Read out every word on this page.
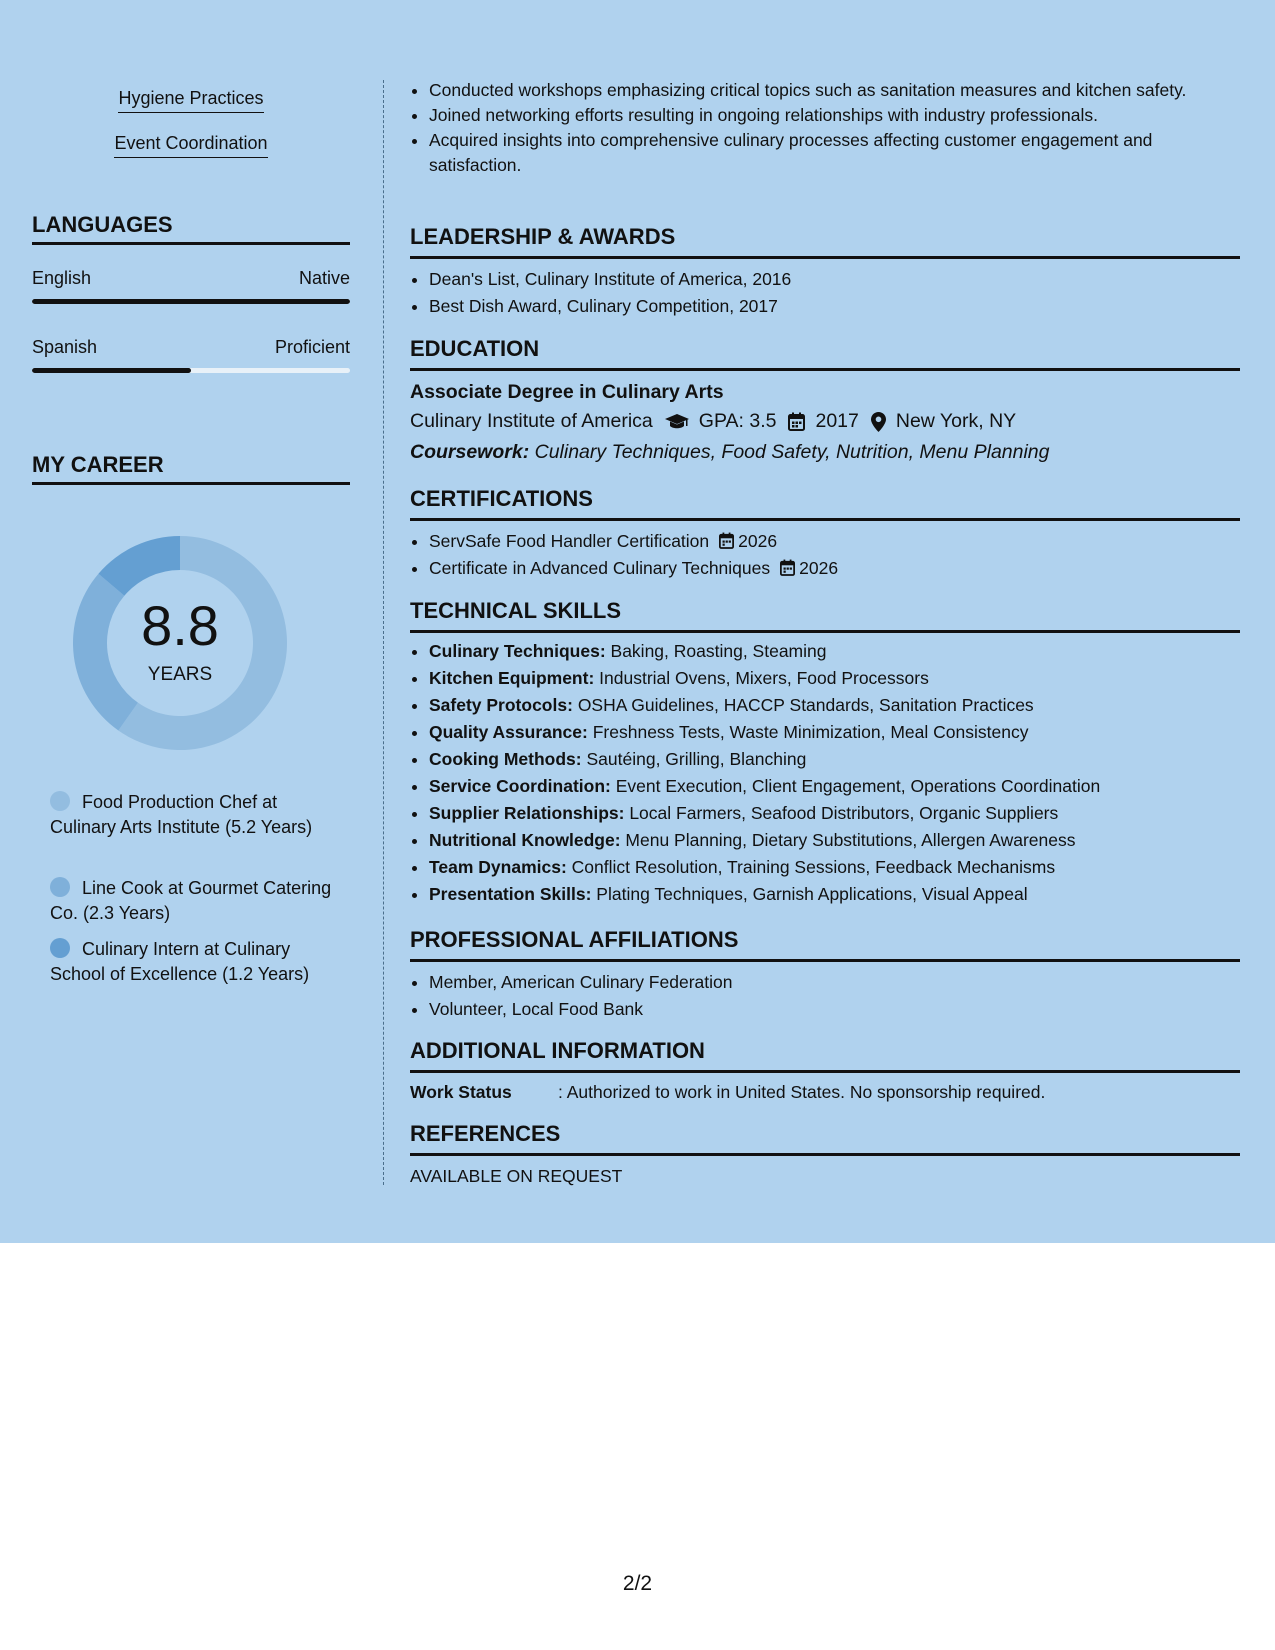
Hygiene Practices
Event Coordination
LANGUAGES
English	Native
Spanish	Proficient
MY CAREER
8.8
YEARS
Food Production Chef at Culinary Arts Institute (5.2 Years)
Line Cook at Gourmet Catering Co. (2.3 Years)
Culinary Intern at Culinary School of Excellence (1.2 Years)
• Conducted workshops emphasizing critical topics such as sanitation measures and kitchen safety.
• Joined networking efforts resulting in ongoing relationships with industry professionals.
• Acquired insights into comprehensive culinary processes affecting customer engagement and satisfaction.
LEADERSHIP & AWARDS
• Dean's List, Culinary Institute of America, 2016
• Best Dish Award, Culinary Competition, 2017
EDUCATION
Associate Degree in Culinary Arts
Culinary Institute of America GPA: 3.5 2017 New York, NY
Coursework: Culinary Techniques, Food Safety, Nutrition, Menu Planning
CERTIFICATIONS
• ServSafe Food Handler Certification 2026
• Certificate in Advanced Culinary Techniques 2026
TECHNICAL SKILLS
• Culinary Techniques: Baking, Roasting, Steaming
• Kitchen Equipment: Industrial Ovens, Mixers, Food Processors
• Safety Protocols: OSHA Guidelines, HACCP Standards, Sanitation Practices
• Quality Assurance: Freshness Tests, Waste Minimization, Meal Consistency
• Cooking Methods: Sautéing, Grilling, Blanching
• Service Coordination: Event Execution, Client Engagement, Operations Coordination
• Supplier Relationships: Local Farmers, Seafood Distributors, Organic Suppliers
• Nutritional Knowledge: Menu Planning, Dietary Substitutions, Allergen Awareness
• Team Dynamics: Conflict Resolution, Training Sessions, Feedback Mechanisms
• Presentation Skills: Plating Techniques, Garnish Applications, Visual Appeal
PROFESSIONAL AFFILIATIONS
• Member, American Culinary Federation
• Volunteer, Local Food Bank
ADDITIONAL INFORMATION
Work Status	: Authorized to work in United States. No sponsorship required.
REFERENCES
AVAILABLE ON REQUEST
2/2
